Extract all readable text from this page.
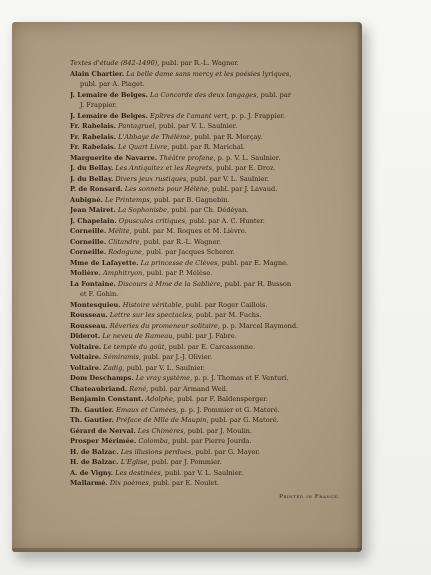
Textes d'étude (842-1490), publ. par R.-L. Wagner.
Alain Chartier. La belle dame sans mercy et les poésies lyriques,
publ. par A. Piaget.
J. Lemaire de Belges. La Concorde des deux langages, publ. par
J. Frappier.
J. Lemaire de Belges. Epîtres de l'amant vert, p. p. J. Frappier.
Fr. Rabelais. Pantagruel, publ. par V. L. Saulnier.
Fr. Rabelais. L'Abbaye de Thélème, publ. par R. Morçay.
Fr. Rabelais. Le Quart Livre, publ. par R. Marichal.
Marguerite de Navarre. Théâtre profane, p. p. V. L. Saulnier.
J. du Bellay. Les Antiquitez et les Regrets, publ. par E. Droz.
J. du Bellay. Divers jeux rustiques, publ. par V. L. Saulnier.
P. de Ronsard. Les sonnets pour Hélène, publ. par J. Lavaud.
Aubigné. Le Printemps, publ. par B. Gagnebin.
Jean Mairet. La Sophonisbe, publ. par Ch. Dédéyan.
J. Chapelain. Opuscules critiques, publ. par A. C. Hunter.
Corneille. Mélite, publ. par M. Roques et M. Lièvre.
Corneille. Clitandre, publ. par R.-L. Wagner.
Corneille. Rodogune, publ. par Jacques Scherer.
Mme de Lafayette. La princesse de Clèves, publ. par E. Magne.
Molière. Amphitryon, publ. par P. Mélèse.
La Fontaine. Discours à Mme de la Sablière, publ. par H. Busson
et F. Gohin.
Montesquieu. Histoire véritable, publ. par Roger Caillois.
Rousseau. Lettre sur les spectacles, publ. par M. Fuchs.
Rousseau. Rêveries du promeneur solitaire, p. p. Marcel Raymond.
Diderot. Le neveu de Rameau, publ. par J. Fabre.
Voltaire. Le temple du goût, publ. par E. Carcassonne.
Voltaire. Sémiramis, publ. par J.-J. Olivier.
Voltaire. Zadig, publ. par V. L. Saulnier.
Dom Deschamps. Le vray système, p. p. J. Thomas et F. Venturi.
Chateaubriand. René, publ. par Armand Weil.
Benjamin Constant. Adolphe, publ. par F. Baldensperger.
Th. Gautier. Emaux et Camées, p. p. J. Pommier et G. Matoré.
Th. Gautier. Préface de Mlle de Maupin, publ. par G. Matoré.
Gérard de Nerval. Les Chimères, publ. par J. Moulin.
Prosper Mérimée. Colomba, publ. par Pierre Jourda.
H. de Balzac. Les illusions perdues, publ. par G. Mayer.
H. de Balzac. L'Eglise, publ. par J. Pommier.
A. de Vigny. Les destinées, publ. par V. L. Saulnier.
Mallarmé. Dix poèmes, publ. par E. Noulet.
Printed in France.
